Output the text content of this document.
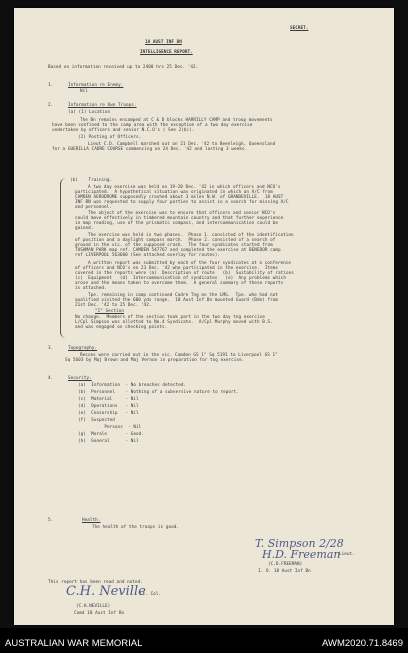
SECRET.
18 AUST INF BN
INTELLIGENCE REPORT.
Based on information received up to 2400 hrs 25 Dec. '42.
1.	Information re Enemy.
Nil
2.	Information re Own Troops.
(a) (1) Location
The Bn remains encamped at C & D blocks HARRILLY CAMP and troop movements
have been confined to the camp area with the exception of a two day exercise
undertaken by officers and senior N.C.O's ( See 2(b)).
(2) Posting of Officers.
Lieut C.D. Campbell marched out on 21 Dec. '42 to Beenleigh, Queensland
for a GUERILLA CADRE COURSE commencing on 24 Dec. '42 and lasting 3 weeks.
(b)    Training.
A two day exercise was held on 19-20 Dec. '42 in which officers and NCO's
participated.  A hypothetical situation was originated in which an A/C from
CAMDEN AERODROME supposedly crashed about 3 miles N.W. of GRANDEVILLE.  18 AUST
INF BN was requested to supply four parties to assist in a search for missing A/C
and personnel.
The object of the exercise was to ensure that officers and senior NCO's
could move effectively in timbered mountain country and that further experience
in map reading, use of the prismatic compass, and intercommunication could be
gained.
The exercise was held in two phases.  Phase 1. consisted of the identification
of position and a daylight compass march.  Phase 2. consisted of a search of
ground in the vic. of the supposed crash.  The four syndicates started from
TUSHMAN PARK map ref. CAMDEN 547767 and completed the exercise at BENEDOR camp
ref LIVERPOOL 563680 (See attached overlay for routes).
A written report was submitted by each of the four syndicates at a conference
of officers and NCO's on 23 Dec. '42 who participated in the exercise.  Items
covered in the reports were (a)  Description of route   (b)  Suitability of rations
(c)  Equipment   (d)  Intercommunication of syndicates   (e)  Any problems which
arose and the means taken to overcome them.  A general summary of these reports
is attached.
Tpe. remaining in camp continued Cadre Tng on the LMG.  Tpe. who had not
qualified visited the 600 yds range.  18 Aust Inf Bn mounted Guard (Bde) from
21st Dec. '42 to 25 Dec. '42.
"I" Section
No change.  Members of the section took part in the two day tng exercise
L/Cpl Simpson was allotted to No.4 Syndicate.  A/Cpl Murphy moved with B.S.
and was engaged on checking points.
3.	Topography.
Recces were carried out in the vic. Camden GS 1" Sq 5191 to Liverpool GS 1"
Sq 5603 by Maj Brown and Maj Vernon in preparation for tng exercise.
4.	Security.
(a)  Information  - No breaches detected.
(b)  Personnel    - Nothing of a subversive nature to report.
(c)  Material     - Nil
(d)  Operations   - Nil
(e)  Censorship   - Nil
(f)  Suspected
Persons  - Nil
(g)  Morale       - Good.
(h)  General      - Nil
5.	Health.
The health of the troops is good.
T. Simpson 2/28
H.D. Freeman
Lieut.
(C.D.FREEMAN)
I. O. 18 Aust Inf Bn
This report has been read and noted.
C.H. Neville
Lt. Col.
(C.H.NEVILLE)
Comd 18 Aust Inf Bn
AUSTRALIAN WAR MEMORIAL	AWM2020.71.8469
